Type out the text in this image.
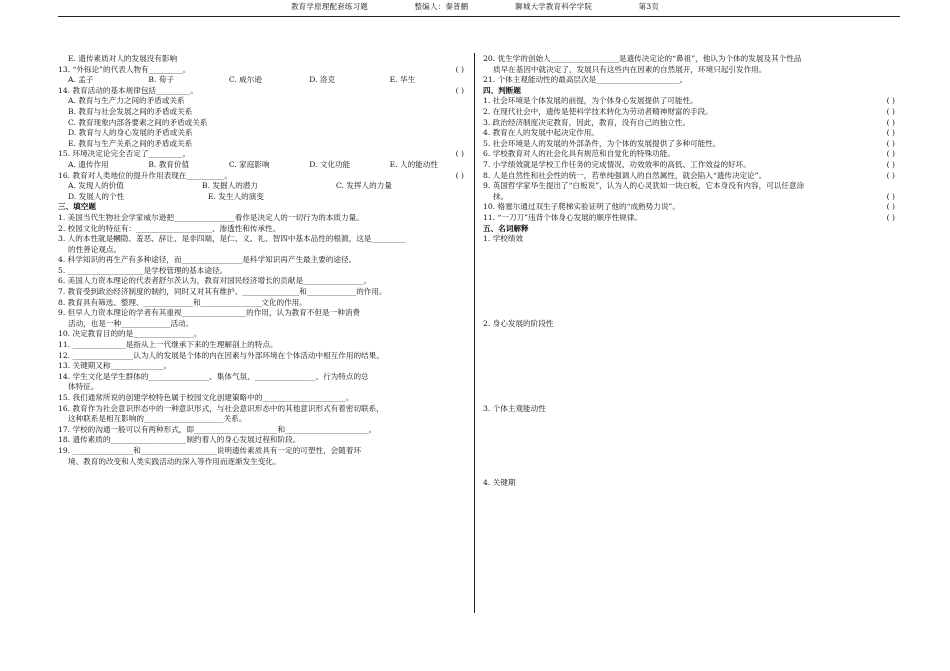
教育学原理配套练习题	整编人：秦普鹏	聊城大学教育科学学院	第3页
E. 遗传素质对人的发展没有影响
13. “外铄论”的代表人物有_________。	( )
A. 孟子	B. 荀子	C. 威尔逊	D. 洛克	E. 华生
14. 教育活动的基本规律包括_________。	( )
A. 教育与生产力之间的矛盾或关系
B. 教育与社会发展之间的矛盾或关系
C. 教育现象内部各要素之间的矛盾或关系
D. 教育与人的身心发展的矛盾或关系
E. 教育与生产关系之间的矛盾或关系
15. 环境决定论完全否定了_________。	( )
A. 遗传作用	B. 教育价值	C. 家庭影响	D. 文化功能	E. 人的能动性
16. 教育对人类地位的提升作用表现在__________。	( )
A. 发现人的价值	B. 发掘人的潜力	C. 发挥人的力量
D. 发展人的个性	E. 发生人的演变
三、填空题
1. 美国当代生物社会学家威尔逊把________________看作是决定人的一切行为的本质力量。
2. 校园文化的特征有：____________________、渗透性和传承性。
3. 人的本性就是幗隐、羞恶、辞让、是非四端，是仁、义、礼、智四中基本品性的根源，这是_________
的性善论观点。
4. 科学知识的再生产有多种途径，而________________是科学知识再产生最主要的途径。
5. ____________________是学校管理的基本途径。
6. 美国人力资本理论的代表者舒尔茨认为，教育对国民经济增长的贡献是________________。
7. 教育受到政治经济制度的制约，同时又对其有维护、_______________和_____________的作用。
8. 教育具有筛选、整理、_____________和________________文化的作用。
9. 但早人力资本理论的学者有其重视_________________的作用，认为教育不但是一种消费
活动，也是一种_____________活动。
10. 决定教育目的的是________________。
11. ______________是指从上一代继承下来的生理解剖上的特点。
12. ________________认为人的发展是个体的内在因素与外部环境在个体活动中相互作用的结果。
13. 关键期又称______________。
14. 学生文化是学生群体的________________、集体气氛、________________、行为特点的总
体特征。
15. 我们通常所说的创建学校特色属于校园文化创建策略中的______________________。
16. 教育作为社会意识形态中的一种意识形式，与社会意识形态中的其他意识形式有着密切联系，
这种联系是相互影响的_____________________关系。
17. 学校的沟通一般可以有两种形式，即______________________和______________________。
18. 遗传素质的____________________制约着人的身心发展过程和阶段。
19. ________________和____________________说明遗传素质具有一定的可塑性，会随着环
境、教育的改变和人类实践活动的深入等作用而逐渐发生变化。
20. 优生学的创始人__________________是遗传决定论的“鼻祖”，他认为个体的发展及其个性品
质早在基因中就决定了，发展只有这些内在因素的自然展开，环境只起引发作用。
21. 个体主观能动性的最高层次是______________________。
四、判断题
1. 社会环境是个体发展的前提，为个体身心发展提供了可能性。	( )
2. 在现代社会中，遗传是使科学技术转化为劳动者精神财富的手段。	( )
3. 政治经济制度决定教育，因此，教育，没有自己的独立性。	( )
4. 教育在人的发展中起决定作用。	( )
5. 社会环境是人的发展的外部条件，为个体的发展提供了多种可能性。	( )
6. 学校教育对人的社会化具有规范和自觉化的特殊功能。	( )
7. 小学绩效就是学校工作任务的完成情况、功效效率的高低、工作效益的好坏。	( )
8. 人是自然性和社会性的统一，若单纯强调人的自然属性，就会陷入“遗传决定论”。	( )
9. 英国哲学家华生提出了“白板说”，认为人的心灵犹如一块白板，它本身没有内容，可以任意涂
抹。	( )
10. 格塞尔通过双生子爬梯实验证明了他的“成熟势力说”。	( )
11. “一刀刀”违背个体身心发展的顺序性规律。	( )
五、名词解释
1. 学校绩效
2. 身心发展的阶段性
3. 个体主观能动性
4. 关键期
